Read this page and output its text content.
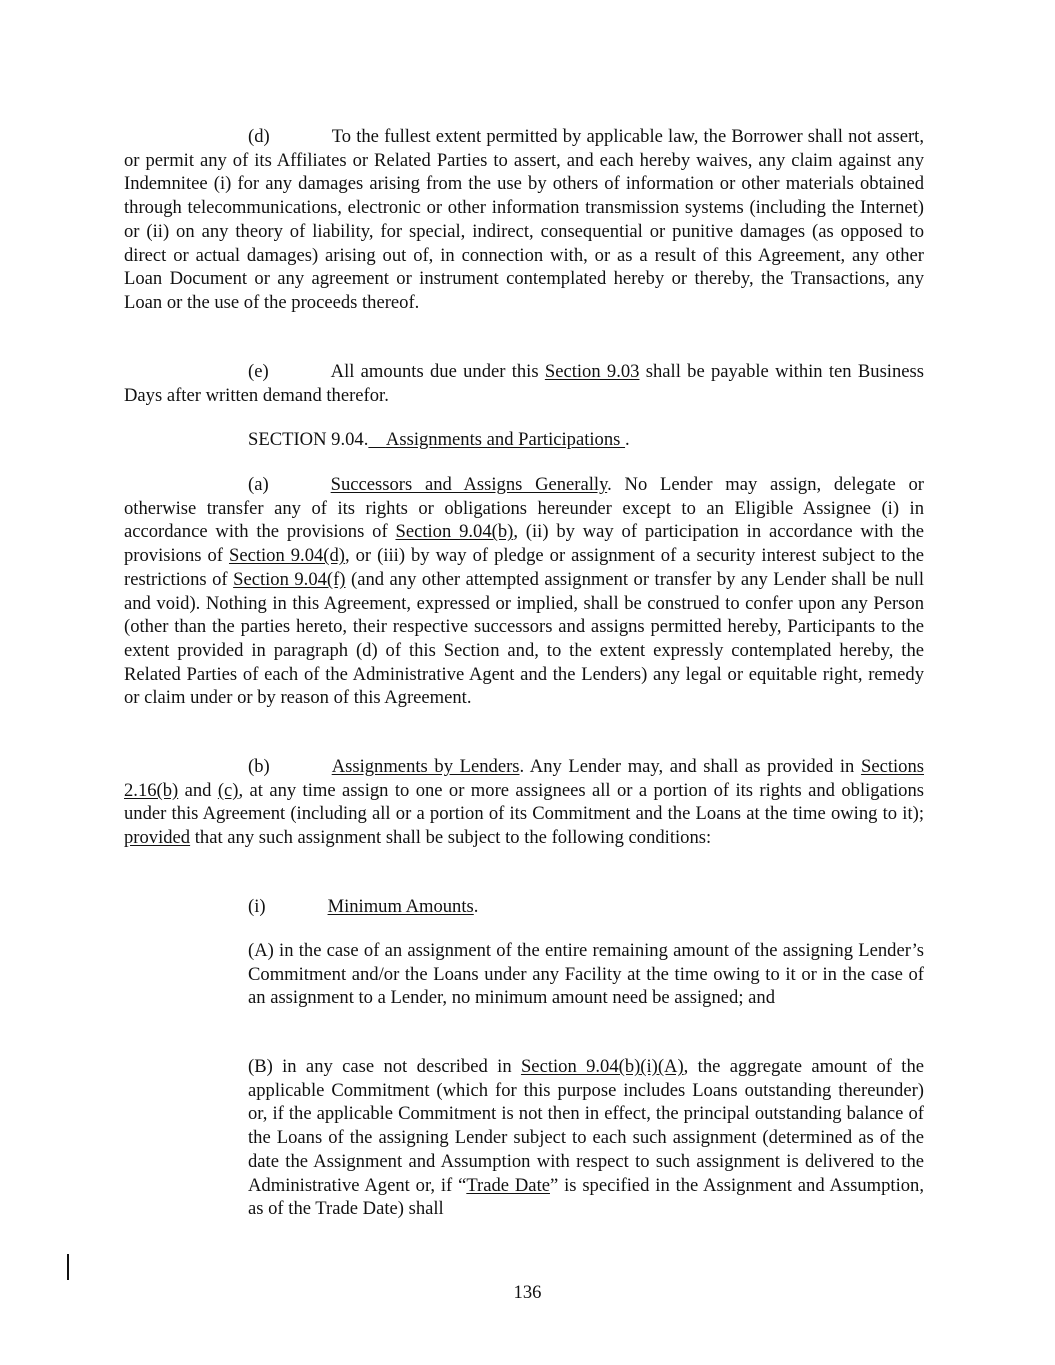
(d)	To the fullest extent permitted by applicable law, the Borrower shall not assert, or permit any of its Affiliates or Related Parties to assert, and each hereby waives, any claim against any Indemnitee (i) for any damages arising from the use by others of information or other materials obtained through telecommunications, electronic or other information transmission systems (including the Internet) or (ii) on any theory of liability, for special, indirect, consequential or punitive damages (as opposed to direct or actual damages) arising out of, in connection with, or as a result of this Agreement, any other Loan Document or any agreement or instrument contemplated hereby or thereby, the Transactions, any Loan or the use of the proceeds thereof.

(e)	All amounts due under this Section 9.03 shall be payable within ten Business Days after written demand therefor.

SECTION 9.04. Assignments and Participations .

(a)	Successors and Assigns Generally. No Lender may assign, delegate or otherwise transfer any of its rights or obligations hereunder except to an Eligible Assignee (i) in accordance with the provisions of Section 9.04(b), (ii) by way of participation in accordance with the provisions of Section 9.04(d), or (iii) by way of pledge or assignment of a security interest subject to the restrictions of Section 9.04(f) (and any other attempted assignment or transfer by any Lender shall be null and void). Nothing in this Agreement, expressed or implied, shall be construed to confer upon any Person (other than the parties hereto, their respective successors and assigns permitted hereby, Participants to the extent provided in paragraph (d) of this Section and, to the extent expressly contemplated hereby, the Related Parties of each of the Administrative Agent and the Lenders) any legal or equitable right, remedy or claim under or by reason of this Agreement.

(b)	Assignments by Lenders. Any Lender may, and shall as provided in Sections 2.16(b) and (c), at any time assign to one or more assignees all or a portion of its rights and obligations under this Agreement (including all or a portion of its Commitment and the Loans at the time owing to it); provided that any such assignment shall be subject to the following conditions:

(i)	Minimum Amounts.

(A) in the case of an assignment of the entire remaining amount of the assigning Lender’s Commitment and/or the Loans under any Facility at the time owing to it or in the case of an assignment to a Lender, no minimum amount need be assigned; and

(B) in any case not described in Section 9.04(b)(i)(A), the aggregate amount of the applicable Commitment (which for this purpose includes Loans outstanding thereunder) or, if the applicable Commitment is not then in effect, the principal outstanding balance of the Loans of the assigning Lender subject to each such assignment (determined as of the date the Assignment and Assumption with respect to such assignment is delivered to the Administrative Agent or, if “Trade Date” is specified in the Assignment and Assumption, as of the Trade Date) shall

136
